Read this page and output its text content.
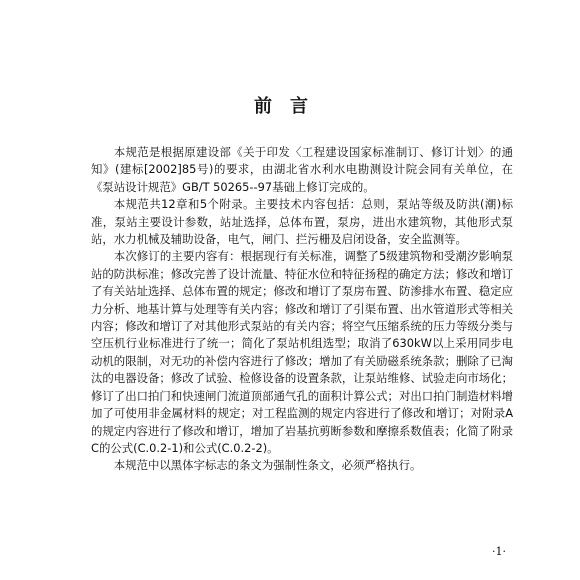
前言

本规范是根据原建设部《关于印发〈工程建设国家标准制订、修订计划〉的通知》(建标[2002]85号)的要求，由湖北省水利水电勘测设计院会同有关单位，在《泵站设计规范》GB/T 50265--97基础上修订完成的。

本规范共12章和5个附录。主要技术内容包括：总则，泵站等级及防洪(潮)标准，泵站主要设计参数，站址选择，总体布置，泵房，进出水建筑物，其他形式泵站，水力机械及辅助设备，电气，闸门、拦污栅及启闭设备，安全监测等。

本次修订的主要内容有：根据现行有关标准，调整了5级建筑物和受潮汐影响泵站的防洪标准；修改完善了设计流量、特征水位和特征扬程的确定方法；修改和增订了有关站址选择、总体布置的规定；修改和增订了泵房布置、防渗排水布置、稳定应力分析、地基计算与处理等有关内容；修改和增订了引渠布置、出水管道形式等相关内容；修改和增订了对其他形式泵站的有关内容；将空气压缩系统的压力等级分类与空压机行业标准进行了统一；简化了泵站机组选型；取消了630kW以上采用同步电动机的限制，对无功的补偿内容进行了修改；增加了有关励磁系统条款；删除了已淘汰的电器设备；修改了试验、检修设备的设置条款，让泵站维修、试验走向市场化；修订了出口拍门和快速闸门流道顶部通气孔的面积计算公式；对出口拍门制造材料增加了可使用非金属材料的规定；对工程监测的规定内容进行了修改和增订；对附录A的规定内容进行了修改和增订，增加了岩基抗剪断参数和摩擦系数值表；化简了附录C的公式(C.0.2-1)和公式(C.0.2-2)。

本规范中以黑体字标志的条文为强制性条文，必须严格执行。

·1·
